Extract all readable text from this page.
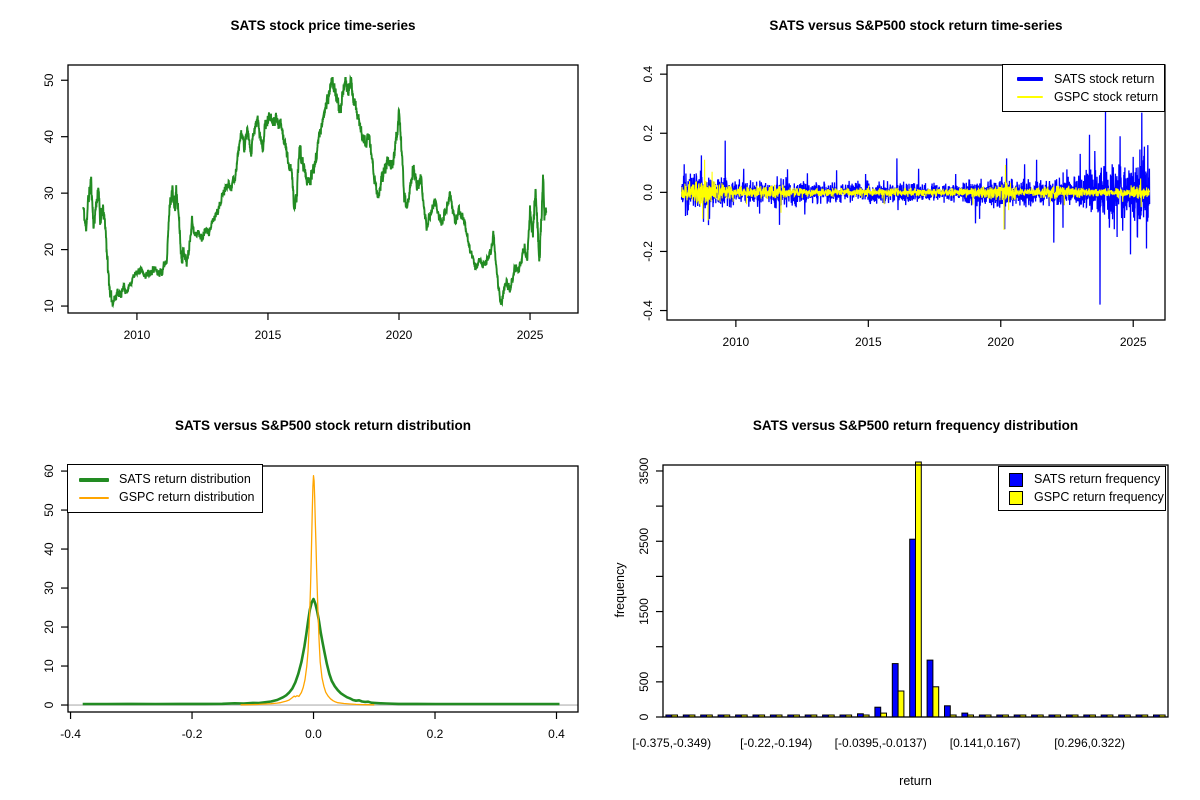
SATS stock price time-series
2010	2015	2020	2025
10
20
30
40
50
SATS versus S&P500 stock return time-series
2010	2015	2020	2025
-0.4
-0.2
0.0
0.2
0.4	SATS stock return
GSPC stock return
SATS versus S&P500 stock return distribution
-0.4	-0.2	0.0	0.2	0.4
0
10
20
30
40
50
60
SATS return distribution
GSPC return distribution
SATS versus S&P500 return frequency distribution
0
500
1500
2500
3500
[-0.375,-0.349) [-0.22,-0.194) [-0.0395,-0.0137) [0.141,0.167)	[0.296,0.322)
frequency
return
SATS return frequency
GSPC return frequency
